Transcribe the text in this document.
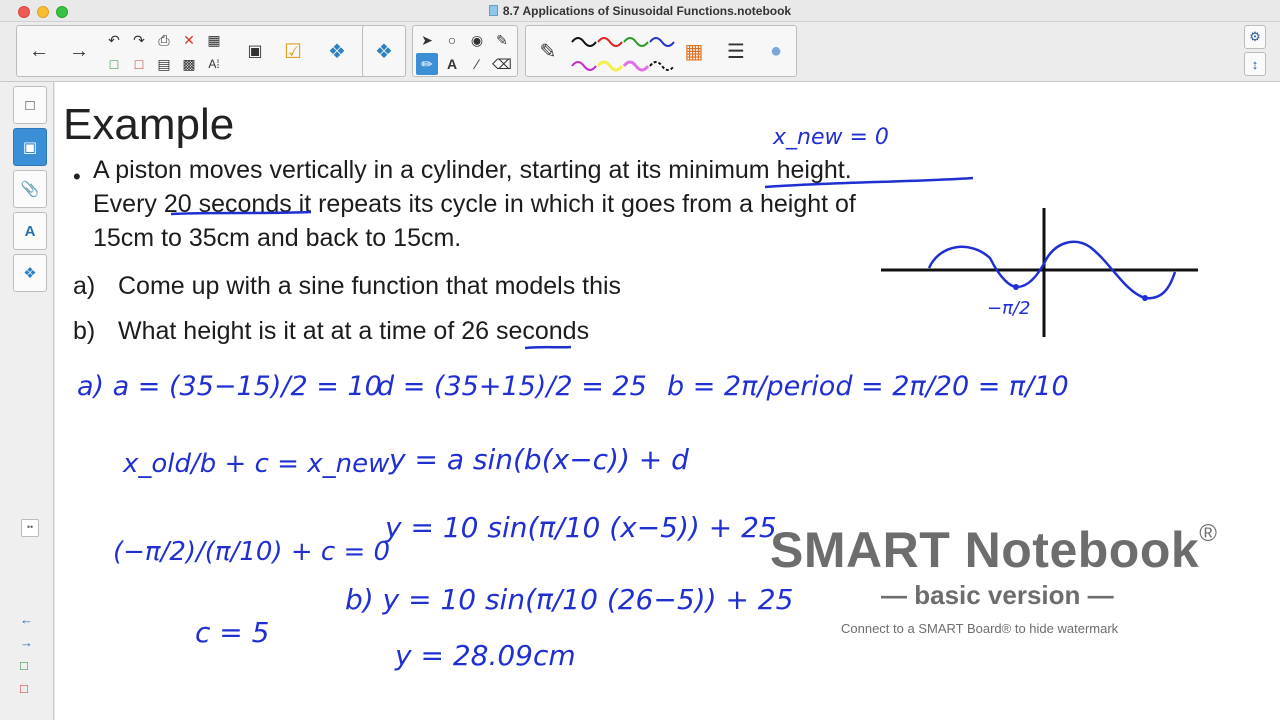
8.7 Applications of Sinusoidal Functions.notebook
←	→	↶ ↷ ⎙ ✕ ▦
□	□	▤ ▩	A⁞
▣	☑	❖	❖
➤	○	◉ ✎
✏	A	∕ ⌫
✎	▦	☰	●
⚙
↕
□
▣
📎
A
❖
••
←
→
□
□
Example
• A piston moves vertically in a cylinder, starting at its minimum height.
Every 20 seconds it repeats its cycle in which it goes from a height of
15cm to 35cm and back to 15cm.
a) Come up with a sine function that models this
b) What height is it at at a time of 26 seconds
x_new = 0
−π/2
a) a = (35−15)/2 = 10
d = (35+15)/2 = 25 b = 2π/period = 2π/20 = π/10
x_old/b + c = x_new
(−π/2)/(π/10) + c = 0
c = 5
y = a sin(b(x−c)) + d
y = 10 sin(π/10 (x−5)) + 25
b) y = 10 sin(π/10 (26−5)) + 25
y = 28.09cm
SMART Notebook®
— basic version —
Connect to a SMART Board® to hide watermark
